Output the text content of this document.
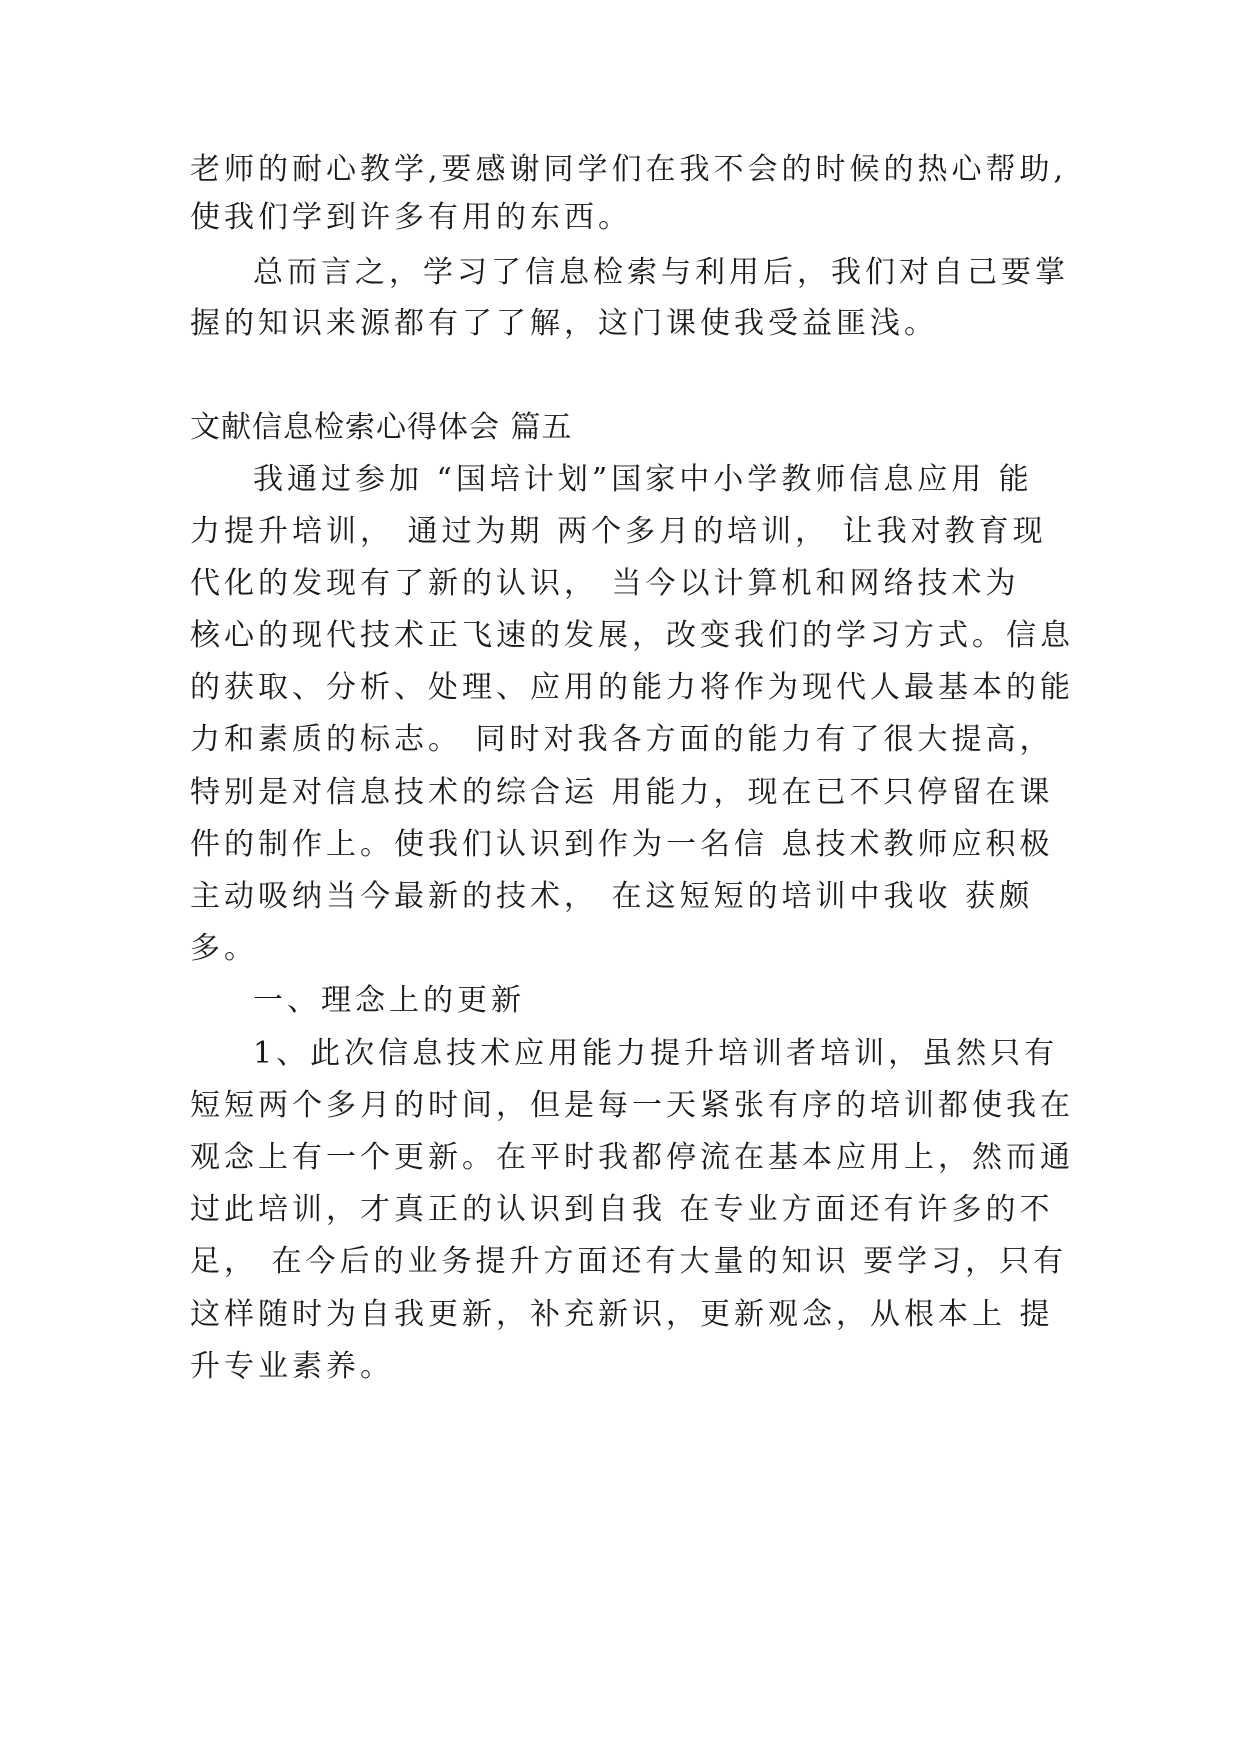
老师的耐心教学,要感谢同学们在我不会的时候的热心帮助,
使我们学到许多有用的东西。
总而言之，学习了信息检索与利用后，我们对自己要掌
握的知识来源都有了了解，这门课使我受益匪浅。
文献信息检索心得体会 篇五
我通过参加 “国培计划”国家中小学教师信息应用 能
力提升培训， 通过为期 两个多月的培训， 让我对教育现
代化的发现有了新的认识， 当今以计算机和网络技术为
核心的现代技术正飞速的发展，改变我们的学习方式。信息
的获取、分析、处理、应用的能力将作为现代人最基本的能
力和素质的标志。 同时对我各方面的能力有了很大提高，
特别是对信息技术的综合运 用能力，现在已不只停留在课
件的制作上。使我们认识到作为一名信 息技术教师应积极
主动吸纳当今最新的技术， 在这短短的培训中我收 获颇
多。
一、理念上的更新
1、此次信息技术应用能力提升培训者培训，虽然只有
短短两个多月的时间，但是每一天紧张有序的培训都使我在
观念上有一个更新。在平时我都停流在基本应用上，然而通
过此培训，才真正的认识到自我 在专业方面还有许多的不
足， 在今后的业务提升方面还有大量的知识 要学习，只有
这样随时为自我更新，补充新识，更新观念，从根本上 提
升专业素养。
